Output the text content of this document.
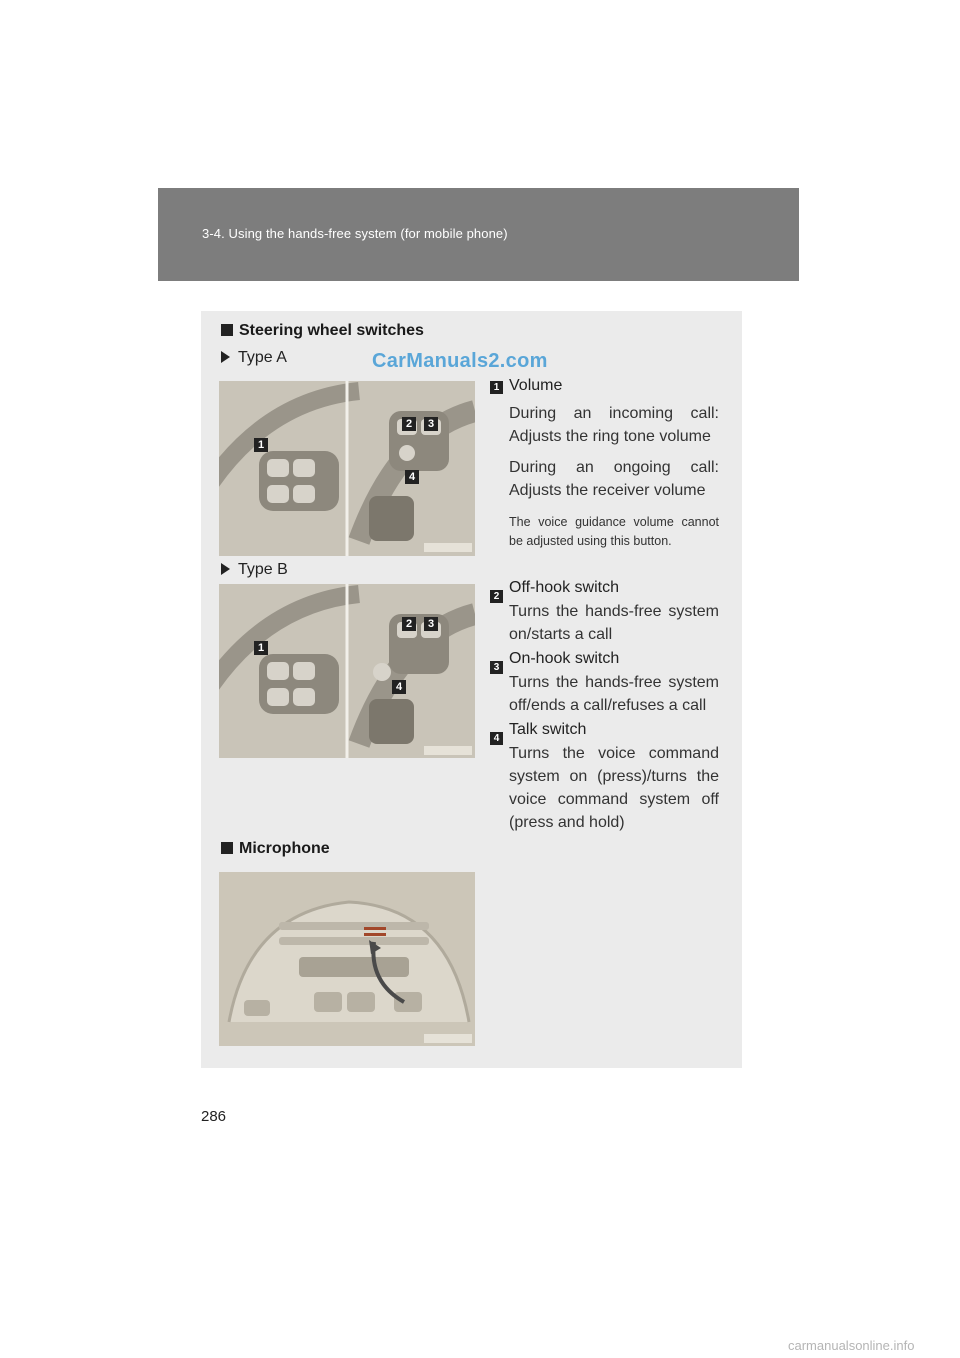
3-4. Using the hands-free system (for mobile phone)
Steering wheel switches
Type A	CarManuals2.com
1
2	3
4
Type B
1
2	3
4
1 Volume
During an incoming call: Adjusts the ring tone volume
During an ongoing call: Adjusts the receiver volume
The voice guidance volume cannot be adjusted using this button.
2
Off-hook switch
Turns the hands-free system on/starts a call
3
On-hook switch
Turns the hands-free system off/ends a call/refuses a call
4
Talk switch
Turns the voice command system on (press)/turns the voice command system off (press and hold)
Microphone
286
carmanualsonline.info
